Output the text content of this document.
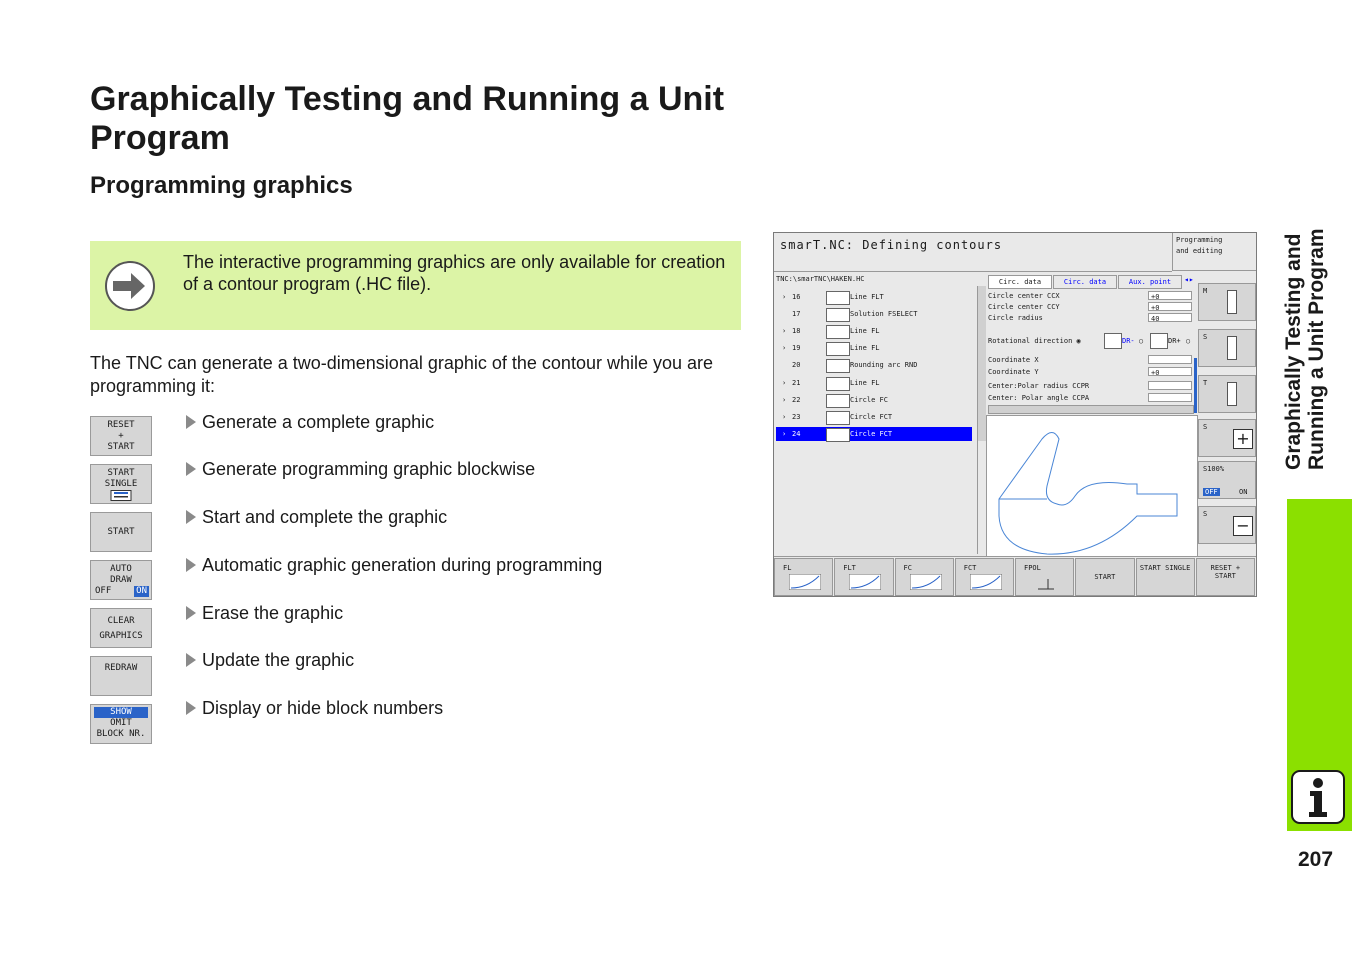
Graphically Testing and Running a Unit Program
Programming graphics
The interactive programming graphics are only available for creation of a contour program (.HC file).
The TNC can generate a two-dimensional graphic of the contour while you are programming it:
RESET
+
START
Generate a complete graphic
START
SINGLE
Generate programming graphic blockwise
START
Start and complete the graphic
AUTO
DRAW
OFF	ON
Automatic graphic generation during programming
CLEAR
GRAPHICS
Erase the graphic
REDRAW	Update the graphic
SHOW
OMIT
BLOCK NR.
Display or hide block numbers
smarT.NC: Defining contours	Programming
and editing
TNC:\smarTNC\HAKEN.HC
› 16	Line FLT
17	Solution FSELECT
› 18	Line FL
› 19	Line FL
20	Rounding arc RND
› 21	Line FL
› 22	Circle FC
› 23	Circle FCT
› 24	Circle FCT
Circ. data	Circ. data	Aux. point	◂▸
Circle center CCX	+0
Circle center CCY	+0
Circle radius	40
Rotational direction ◉	DR- ○	DR+ ○
Coordinate X
Coordinate Y	+0
Center:Polar radius CCPR
Center: Polar angle CCPA
M
S
T
S
+
S100%
OFF	ON
S
−
FL	FLT	FC	FCT	FPOL
START
START SINGLE	RESET + START
Graphically Testing and Running a Unit Program
207
